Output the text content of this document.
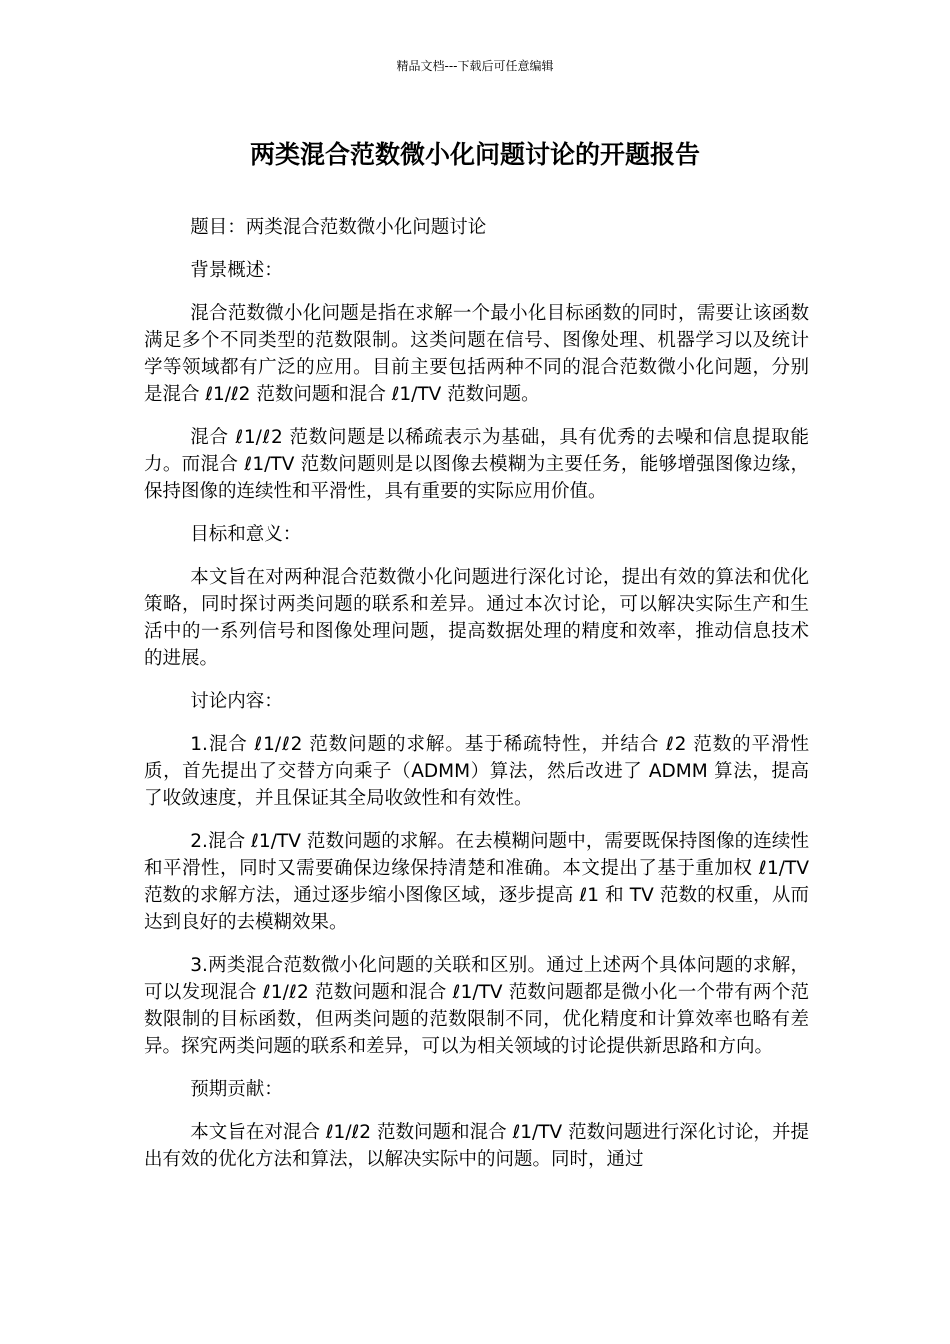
精品文档---下载后可任意编辑
两类混合范数微小化问题讨论的开题报告

题目：两类混合范数微小化问题讨论

背景概述：

混合范数微小化问题是指在求解一个最小化目标函数的同时，需要让该函数满足多个不同类型的范数限制。这类问题在信号、图像处理、机器学习以及统计学等领域都有广泛的应用。目前主要包括两种不同的混合范数微小化问题，分别是混合 ℓ1/ℓ2 范数问题和混合 ℓ1/TV 范数问题。

混合 ℓ1/ℓ2 范数问题是以稀疏表示为基础，具有优秀的去噪和信息提取能力。而混合 ℓ1/TV 范数问题则是以图像去模糊为主要任务，能够增强图像边缘，保持图像的连续性和平滑性，具有重要的实际应用价值。

目标和意义：

本文旨在对两种混合范数微小化问题进行深化讨论，提出有效的算法和优化策略，同时探讨两类问题的联系和差异。通过本次讨论，可以解决实际生产和生活中的一系列信号和图像处理问题，提高数据处理的精度和效率，推动信息技术的进展。

讨论内容：

1.混合 ℓ1/ℓ2 范数问题的求解。基于稀疏特性，并结合 ℓ2 范数的平滑性质，首先提出了交替方向乘子（ADMM）算法，然后改进了 ADMM 算法，提高了收敛速度，并且保证其全局收敛性和有效性。

2.混合 ℓ1/TV 范数问题的求解。在去模糊问题中，需要既保持图像的连续性和平滑性，同时又需要确保边缘保持清楚和准确。本文提出了基于重加权 ℓ1/TV 范数的求解方法，通过逐步缩小图像区域，逐步提高 ℓ1 和 TV 范数的权重，从而达到良好的去模糊效果。

3.两类混合范数微小化问题的关联和区别。通过上述两个具体问题的求解，可以发现混合 ℓ1/ℓ2 范数问题和混合 ℓ1/TV 范数问题都是微小化一个带有两个范数限制的目标函数，但两类问题的范数限制不同，优化精度和计算效率也略有差异。探究两类问题的联系和差异，可以为相关领域的讨论提供新思路和方向。

预期贡献：

本文旨在对混合 ℓ1/ℓ2 范数问题和混合 ℓ1/TV 范数问题进行深化讨论，并提出有效的优化方法和算法，以解决实际中的问题。同时，通过
